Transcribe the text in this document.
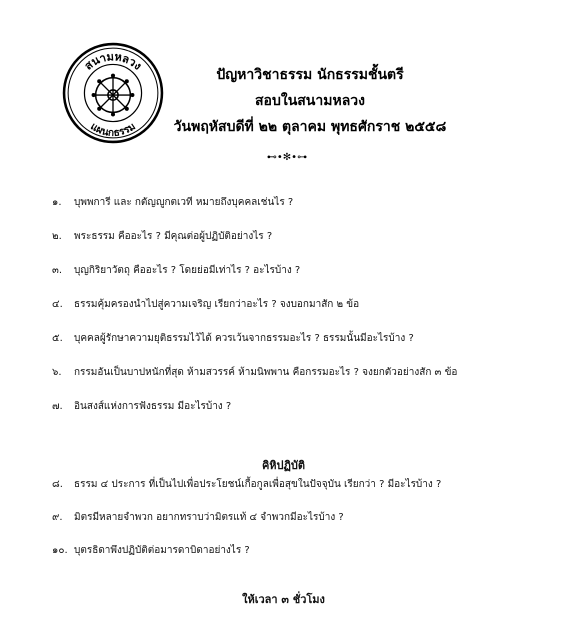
สนามหลวง
แผนกธรรม
ปัญหาวิชาธรรม นักธรรมชั้นตรี
สอบในสนามหลวง
วันพฤหัสบดีที่ ๒๒ ตุลาคม พุทธศักราช ๒๕๕๘
⊷•✻•⊶
๑.	บุพพการี และ กตัญญูกตเวที หมายถึงบุคคลเช่นไร ?
๒.	พระธรรม คืออะไร ? มีคุณต่อผู้ปฏิบัติอย่างไร ?
๓.	บุญกิริยาวัตถุ คืออะไร ? โดยย่อมีเท่าไร ? อะไรบ้าง ?
๔.	ธรรมคุ้มครองนำไปสู่ความเจริญ เรียกว่าอะไร ? จงบอกมาสัก ๒ ข้อ
๕.	บุคคลผู้รักษาความยุติธรรมไว้ได้ ควรเว้นจากธรรมอะไร ? ธรรมนั้นมีอะไรบ้าง ?
๖.	กรรมอันเป็นบาปหนักที่สุด ห้ามสวรรค์ ห้ามนิพพาน คือกรรมอะไร ? จงยกตัวอย่างสัก ๓ ข้อ
๗.	อินสงส์แห่งการฟังธรรม มีอะไรบ้าง ?
คิหิปฏิบัติ
๘.	ธรรม ๔ ประการ ที่เป็นไปเพื่อประโยชน์เกื้อกูลเพื่อสุขในปัจจุบัน เรียกว่า ? มีอะไรบ้าง ?
๙.	มิตรมีหลายจำพวก อยากทราบว่ามิตรแท้ ๔ จำพวกมีอะไรบ้าง ?
๑๐. บุตรธิดาพึงปฏิบัติต่อมารดาบิดาอย่างไร ?
ให้เวลา ๓ ชั่วโมง
